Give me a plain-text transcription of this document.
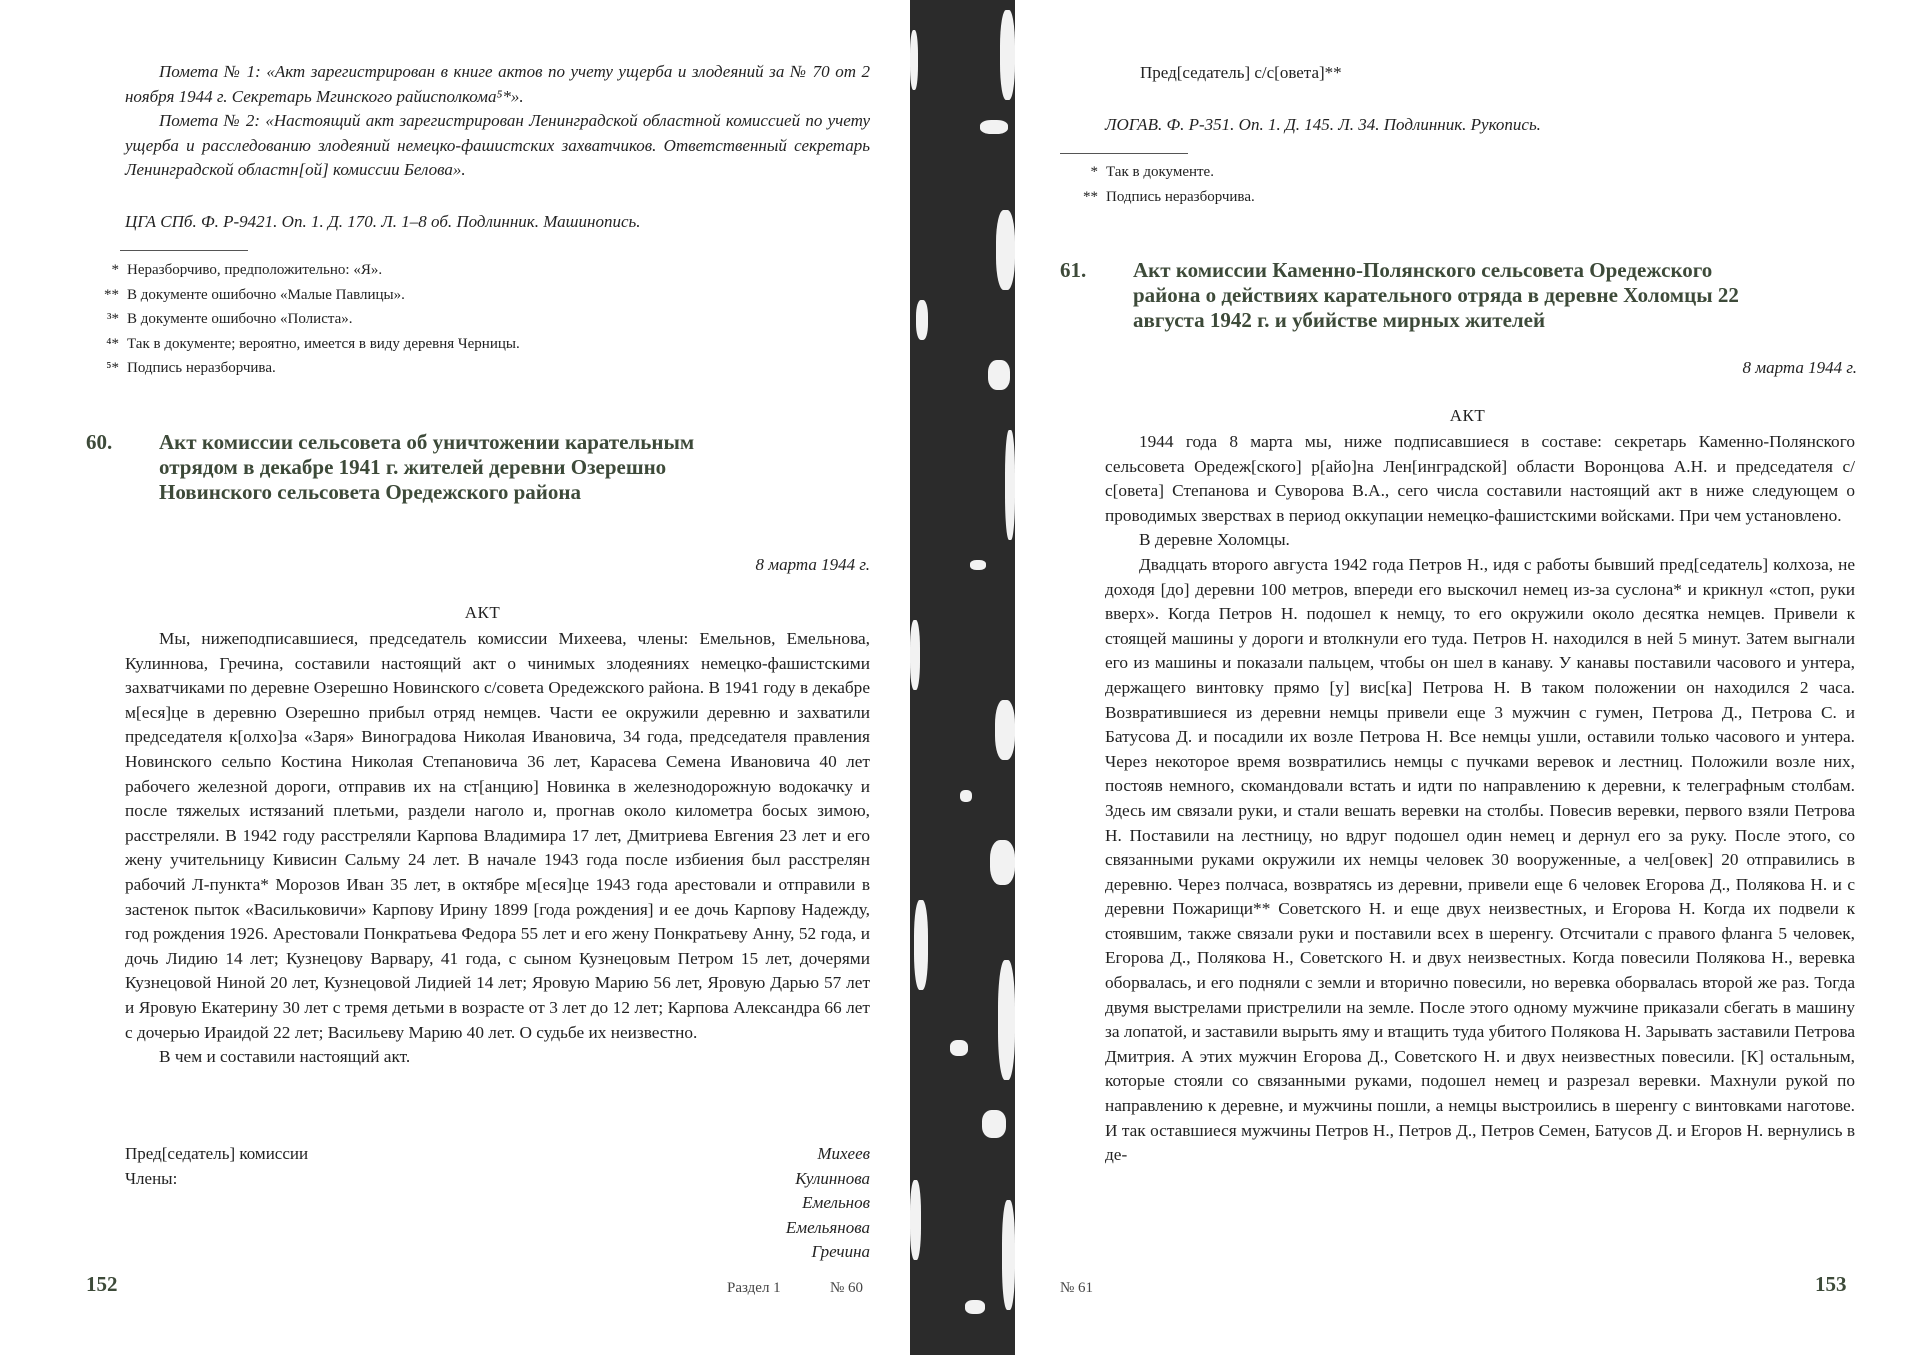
Помета № 1: «Акт зарегистрирован в книге актов по учету ущерба и злодеяний за № 70 от 2 ноября 1944 г. Секретарь Мгинского райисполкома⁵*».
Помета № 2: «Настоящий акт зарегистрирован Ленинградской областной комиссией по учету ущерба и расследованию злодеяний немецко-фашистских захватчиков. Ответственный секретарь Ленинградской областн[ой] комиссии Белова».
ЦГА СПб. Ф. Р-9421. Оп. 1. Д. 170. Л. 1–8 об. Подлинник. Машинопись.
* Неразборчиво, предположительно: «Я».
** В документе ошибочно «Малые Павлицы».
³* В документе ошибочно «Полиста».
⁴* Так в документе; вероятно, имеется в виду деревня Черницы.
⁵* Подпись неразборчива.
60.	Акт комиссии сельсовета об уничтожении карательным отрядом в декабре 1941 г. жителей деревни Озерешно Новинского сельсовета Оредежского района
8 марта 1944 г.
АКТ

Мы, нижеподписавшиеся, председатель комиссии Михеева, члены: Емельнов, Емельнова, Кулиннова, Гречина, составили настоящий акт о чинимых злодеяниях немецко-фашистскими захватчиками по деревне Озерешно Новинского с/совета Оредежского района. В 1941 году в декабре м[еся]це в деревню Озерешно прибыл отряд немцев. Части ее окружили деревню и захватили председателя к[олхо]за «Заря» Виноградова Николая Ивановича, 34 года, председателя правления Новинского сельпо Костина Николая Степановича 36 лет, Карасева Семена Ивановича 40 лет рабочего железной дороги, отправив их на ст[анцию] Новинка в железнодорожную водокачку и после тяжелых истязаний плетьми, раздели наголо и, прогнав около километра босых зимою, расстреляли. В 1942 году расстреляли Карпова Владимира 17 лет, Дмитриева Евгения 23 лет и его жену учительницу Кивисин Сальму 24 лет. В начале 1943 года после избиения был расстрелян рабочий Л-пункта* Морозов Иван 35 лет, в октябре м[еся]це 1943 года арестовали и отправили в застенок пыток «Васильковичи» Карпову Ирину 1899 [года рождения] и ее дочь Карпову Надежду, год рождения 1926. Арестовали Понкратьева Федора 55 лет и его жену Понкратьеву Анну, 52 года, и дочь Лидию 14 лет; Кузнецову Варвару, 41 года, с сыном Кузнецовым Петром 15 лет, дочерями Кузнецовой Ниной 20 лет, Кузнецовой Лидией 14 лет; Яровую Марию 56 лет, Яровую Дарью 57 лет и Яровую Екатерину 30 лет с тремя детьми в возрасте от 3 лет до 12 лет; Карпова Александра 66 лет с дочерью Ираидой 22 лет; Васильеву Марию 40 лет. О судьбе их неизвестно.

В чем и составили настоящий акт.

Пред[седатель] комиссии	Михеев
Члены:	Кулиннова
Емельнов
Емельянова
Гречина
152	Раздел 1	№ 60
Пред[седатель] с/с[овета]**
ЛОГАВ. Ф. Р-351. Оп. 1. Д. 145. Л. 34. Подлинник. Рукопись.
* Так в документе.
** Подпись неразборчива.
61.	Акт комиссии Каменно-Полянского сельсовета Оредежского района о действиях карательного отряда в деревне Холомцы 22 августа 1942 г. и убийстве мирных жителей
8 марта 1944 г.
АКТ

1944 года 8 марта мы, ниже подписавшиеся в составе: секретарь Каменно-Полянского сельсовета Оредеж[ского] р[айо]на Лен[инградской] области Воронцова А.Н. и председателя с/с[овета] Степанова и Суворова В.А., сего числа составили настоящий акт в ниже следующем о проводимых зверствах в период оккупации немецко-фашистскими войсками. При чем установлено.

В деревне Холомцы.

Двадцать второго августа 1942 года Петров Н., идя с работы бывший пред[седатель] колхоза, не доходя [до] деревни 100 метров, впереди его выскочил немец из-за суслона* и крикнул «стоп, руки вверх». Когда Петров Н. подошел к немцу, то его окружили около десятка немцев. Привели к стоящей машины у дороги и втолкнули его туда. Петров Н. находился в ней 5 минут. Затем выгнали его из машины и показали пальцем, чтобы он шел в канаву. У канавы поставили часового и унтера, держащего винтовку прямо [у] вис[ка] Петрова Н. В таком положении он находился 2 часа. Возвратившиеся из деревни немцы привели еще 3 мужчин с гумен, Петрова Д., Петрова С. и Батусова Д. и посадили их возле Петрова Н. Все немцы ушли, оставили только часового и унтера. Через некоторое время возвратились немцы с пучками веревок и лестниц. Положили возле них, постояв немного, скомандовали встать и идти по направлению к деревни, к телеграфным столбам. Здесь им связали руки, и стали вешать веревки на столбы. Повесив веревки, первого взяли Петрова Н. Поставили на лестницу, но вдруг подошел один немец и дернул его за руку. После этого, со связанными руками окружили их немцы человек 30 вооруженные, а чел[овек] 20 отправились в деревню. Через полчаса, возвратясь из деревни, привели еще 6 человек Егорова Д., Полякова Н. и с деревни Пожарищи** Советского Н. и еще двух неизвестных, и Егорова Н. Когда их подвели к стоявшим, также связали руки и поставили всех в шеренгу. Отсчитали с правого фланга 5 человек, Егорова Д., Полякова Н., Советского Н. и двух неизвестных. Когда повесили Полякова Н., веревка оборвалась, и его подняли с земли и вторично повесили, но веревка оборвалась второй же раз. Тогда двумя выстрелами пристрелили на земле. После этого одному мужчине приказали сбегать в машину за лопатой, и заставили вырыть яму и втащить туда убитого Полякова Н. Зарывать заставили Петрова Дмитрия. А этих мужчин Егорова Д., Советского Н. и двух неизвестных повесили. [К] остальным, которые стояли со связанными руками, подошел немец и разрезал веревки. Махнули рукой по направлению к деревне, и мужчины пошли, а немцы выстроились в шеренгу с винтовками наготове. И так оставшиеся мужчины Петров Н., Петров Д., Петров Семен, Батусов Д. и Егоров Н. вернулись в де-

№ 61	153
